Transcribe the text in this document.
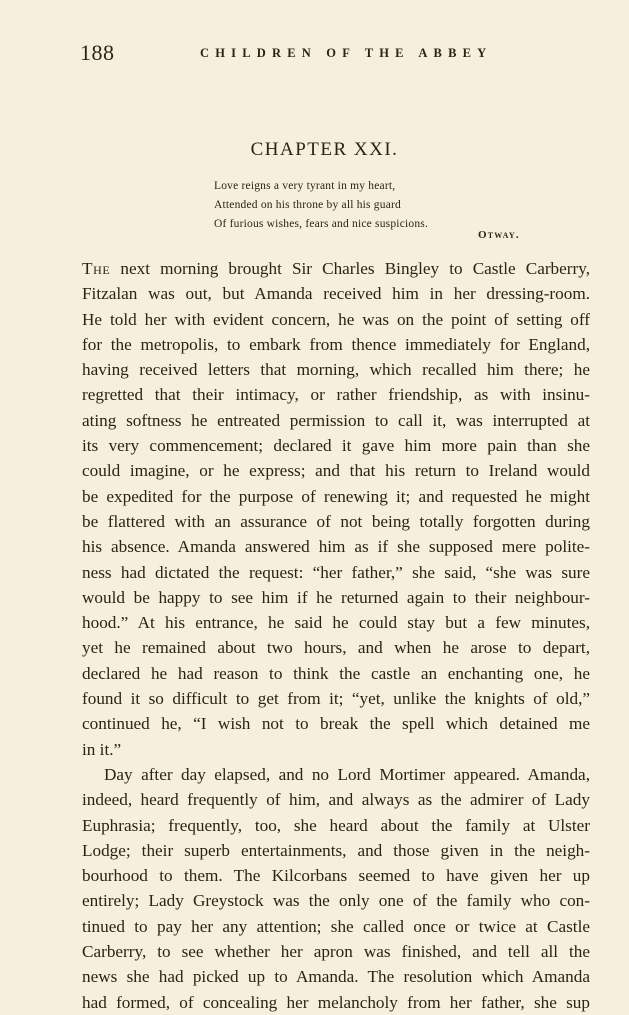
188	CHILDREN OF THE ABBEY
CHAPTER XXI.
Love reigns a very tyrant in my heart,
Attended on his throne by all his guard
Of furious wishes, fears and nice suspicions.
Otway.
The next morning brought Sir Charles Bingley to Castle Carberry,
Fitzalan was out, but Amanda received him in her dressing-room.
He told her with evident concern, he was on the point of setting off
for the metropolis, to embark from thence immediately for England,
having received letters that morning, which recalled him there; he
regretted that their intimacy, or rather friendship, as with insinu-
ating softness he entreated permission to call it, was interrupted at
its very commencement; declared it gave him more pain than she
could imagine, or he express; and that his return to Ireland would
be expedited for the purpose of renewing it; and requested he might
be flattered with an assurance of not being totally forgotten during
his absence. Amanda answered him as if she supposed mere polite-
ness had dictated the request: “her father,” she said, “she was sure
would be happy to see him if he returned again to their neighbour-
hood.” At his entrance, he said he could stay but a few minutes,
yet he remained about two hours, and when he arose to depart,
declared he had reason to think the castle an enchanting one, he
found it so difficult to get from it; “yet, unlike the knights of old,”
continued he, “I wish not to break the spell which detained me
in it.”
Day after day elapsed, and no Lord Mortimer appeared. Amanda,
indeed, heard frequently of him, and always as the admirer of Lady
Euphrasia; frequently, too, she heard about the family at Ulster
Lodge; their superb entertainments, and those given in the neigh-
bourhood to them. The Kilcorbans seemed to have given her up
entirely; Lady Greystock was the only one of the family who con-
tinued to pay her any attention; she called once or twice at Castle
Carberry, to see whether her apron was finished, and tell all the
news she had picked up to Amanda. The resolution which Amanda
had formed, of concealing her melancholy from her father, she sup
